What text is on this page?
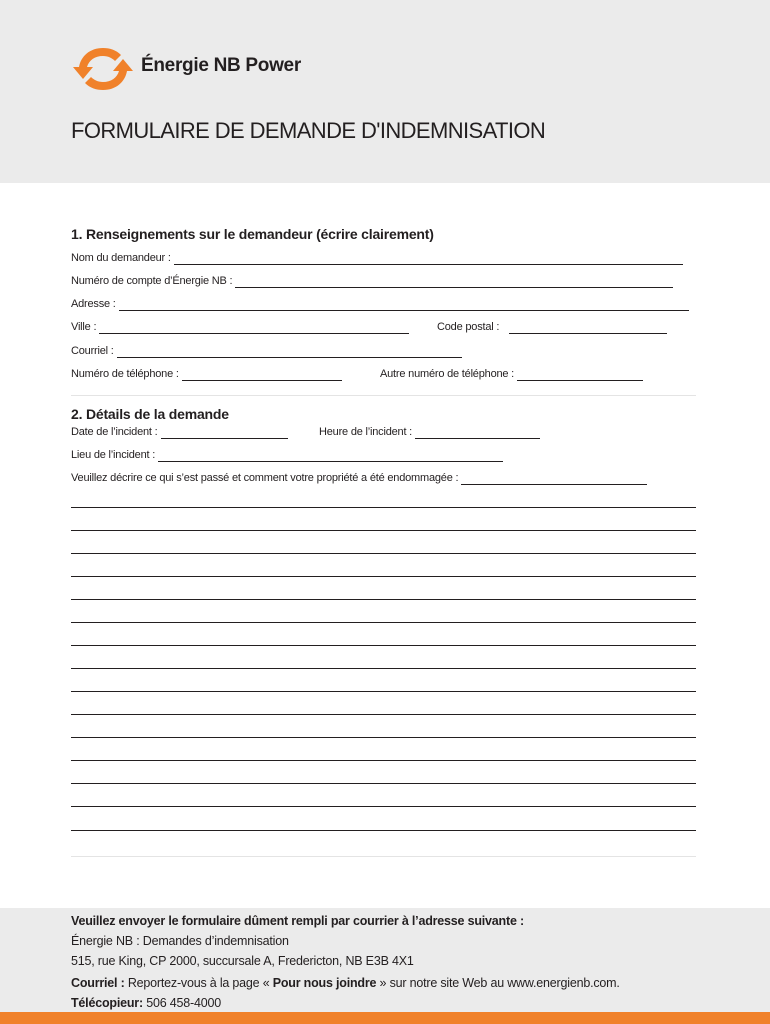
Énergie NB Power
FORMULAIRE DE DEMANDE D'INDEMNISATION
1. Renseignements sur le demandeur (écrire clairement)
Nom du demandeur :
Numéro de compte d’Énergie NB :
Adresse :
Ville :	Code postal :
Courriel :
Numéro de téléphone :	Autre numéro de téléphone :
2. Détails de la demande
Date de l’incident :	Heure de l’incident :
Lieu de l’incident :
Veuillez décrire ce qui s’est passé et comment votre propriété a été endommagée :
Veuillez envoyer le formulaire dûment rempli par courrier à l’adresse suivante :
Énergie NB : Demandes d’indemnisation
515, rue King, CP 2000, succursale A, Fredericton, NB E3B 4X1
Courriel : Reportez-vous à la page « Pour nous joindre » sur notre site Web au www.energienb.com.
Télécopieur: 506 458-4000
